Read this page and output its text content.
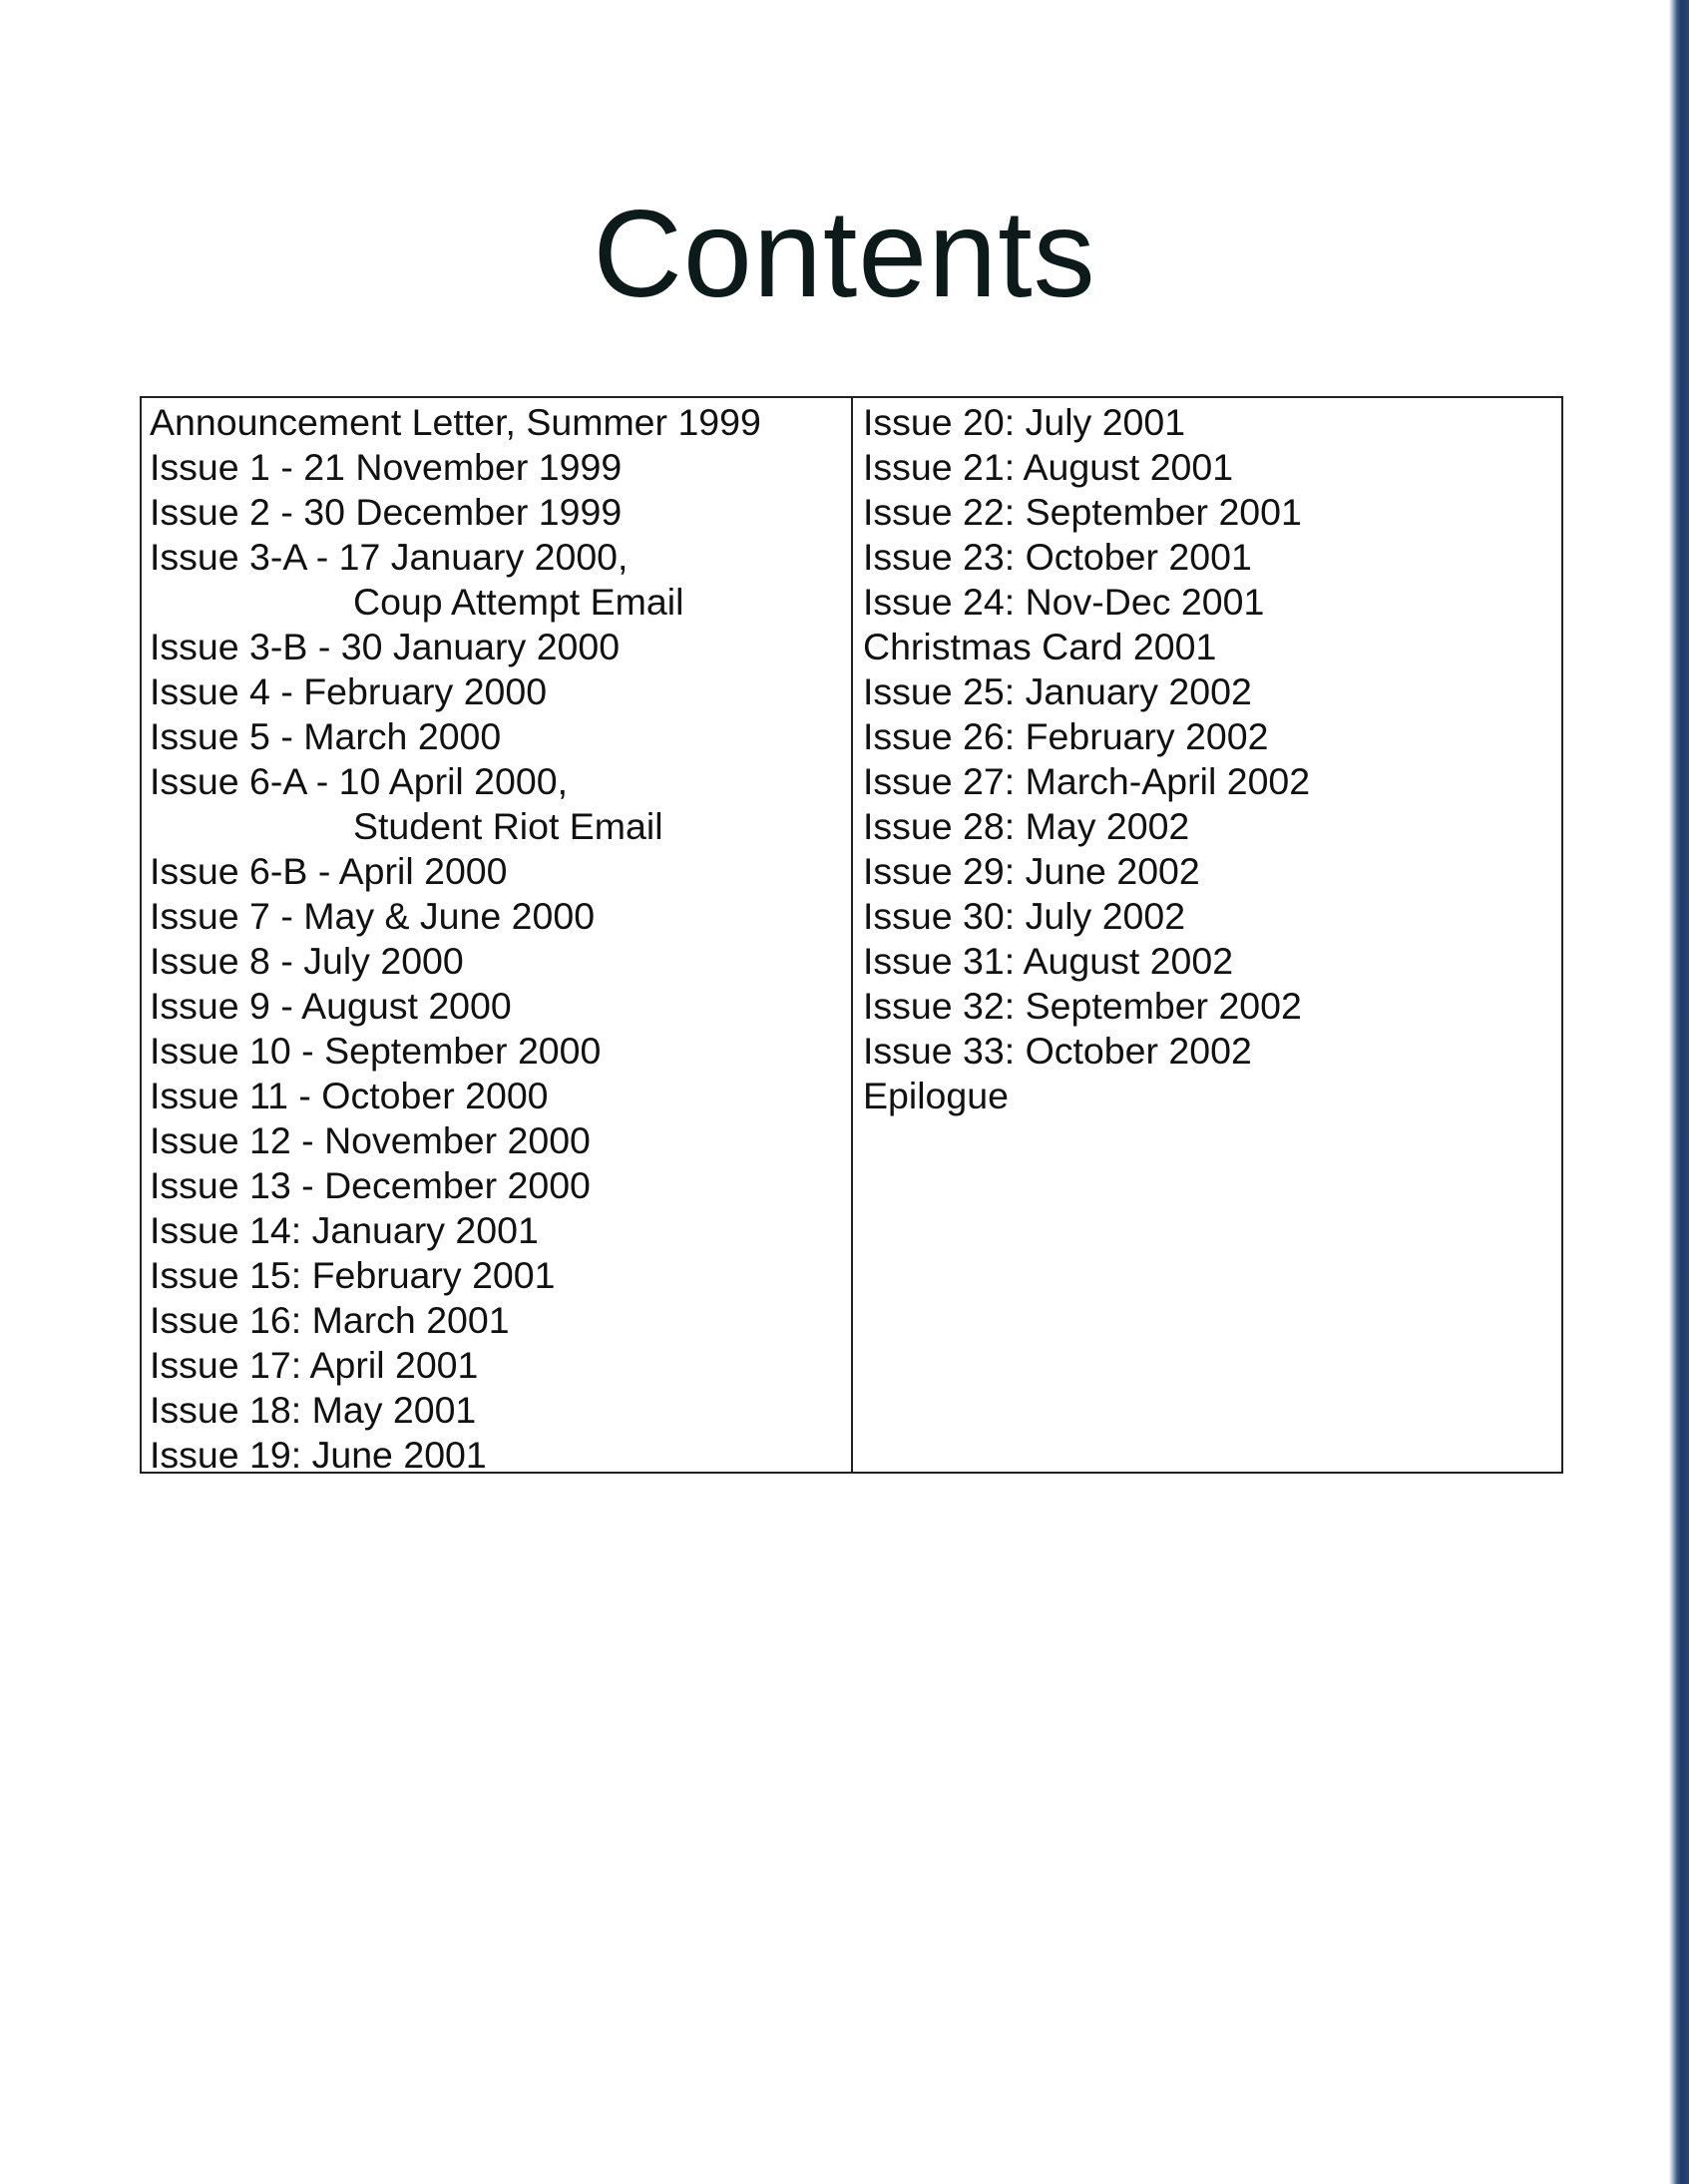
Contents
Announcement Letter, Summer 1999
Issue 1 - 21 November 1999
Issue 2 - 30 December 1999
Issue 3-A - 17 January 2000,
Coup Attempt Email
Issue 3-B - 30 January 2000
Issue 4 - February 2000
Issue 5 - March 2000
Issue 6-A - 10 April 2000,
Student Riot Email
Issue 6-B - April 2000
Issue 7 - May & June 2000
Issue 8 - July 2000
Issue 9 - August 2000
Issue 10 - September 2000
Issue 11 - October 2000
Issue 12 - November 2000
Issue 13 - December 2000
Issue 14: January 2001
Issue 15: February 2001
Issue 16: March 2001
Issue 17: April 2001
Issue 18: May 2001
Issue 19: June 2001
Issue 20: July 2001
Issue 21: August 2001
Issue 22: September 2001
Issue 23: October 2001
Issue 24: Nov-Dec 2001
Christmas Card 2001
Issue 25: January 2002
Issue 26: February 2002
Issue 27: March-April 2002
Issue 28: May 2002
Issue 29: June 2002
Issue 30: July 2002
Issue 31: August 2002
Issue 32: September 2002
Issue 33: October 2002
Epilogue
